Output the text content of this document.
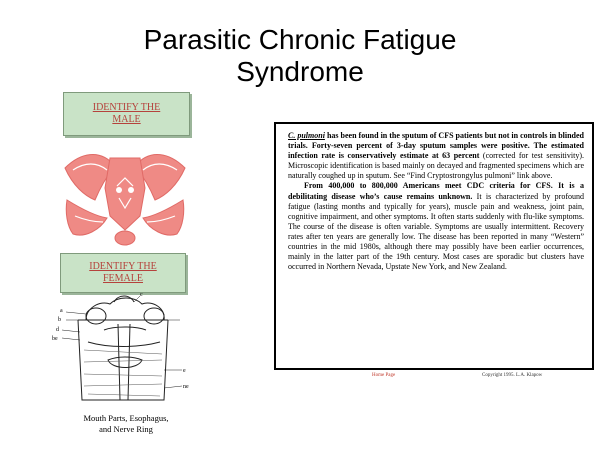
Parasitic Chronic Fatigue
Syndrome
IDENTIFY THE MALE
IDENTIFY THE FEMALE
a
b
c
d
be
e
ne
Mouth Parts, Esophagus,
and Nerve Ring

C. pulmoni has been found in the sputum of CFS patients but not in controls in blinded trials. Forty-seven percent of 3-day sputum samples were positive. The estimated infection rate is conservatively estimate at 63 percent (corrected for test sensitivity). Microscopic identification is based mainly on decayed and fragmented specimens which are naturally coughed up in sputum. See “Find Cryptostrongylus pulmoni” link above.

From 400,000 to 800,000 Americans meet CDC criteria for CFS. It is a debilitating disease who’s cause remains unknown. It is characterized by profound fatigue (lasting months and typically for years), muscle pain and weakness, joint pain, cognitive impairment, and other symptoms. It often starts suddenly with flu-like symptoms. The course of the disease is often variable. Symptoms are usually intermittent. Recovery rates after ten years are generally low. The disease has been reported in many “Western” countries in the mid 1980s, although there may possibly have been earlier occurrences, mainly in the latter part of the 19th century. Most cases are sporadic but clusters have occurred in Northern Nevada, Upstate New York, and New Zealand.

Home Page	Copyright 1995. L.A. Klapow
